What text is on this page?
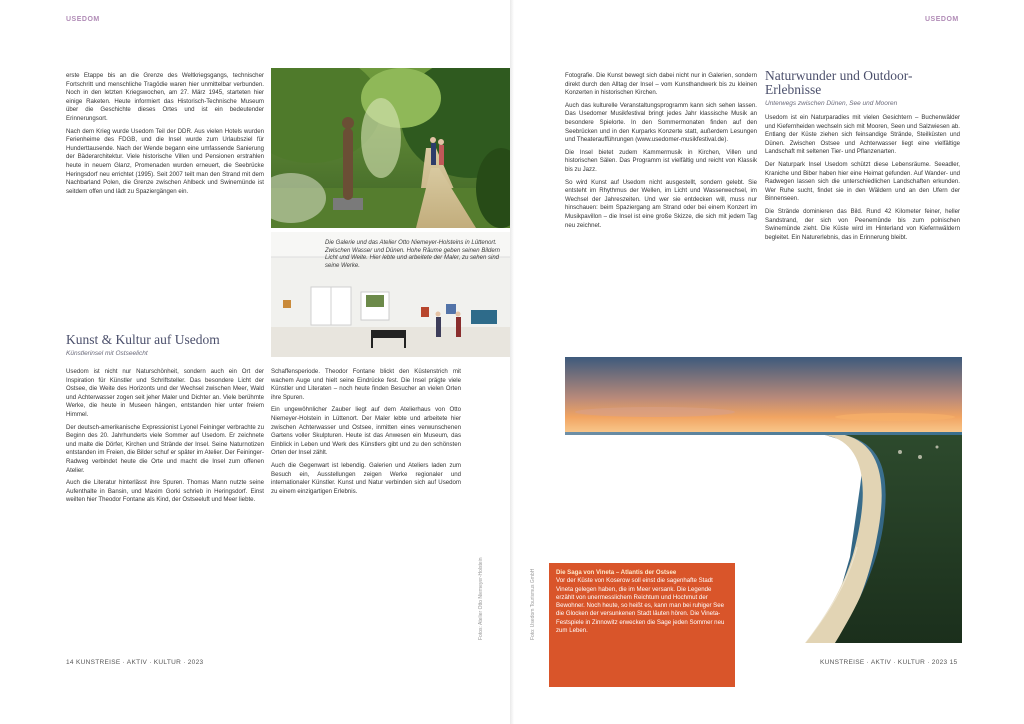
USEDOM	USEDOM

erste Etappe bis an die Grenze des Weltkriegsgangs, technischer Fortschritt und menschliche Tragödie waren hier unmittelbar verbunden. Noch in den letzten Kriegswochen, am 27. März 1945, starteten hier einige Raketen. Heute informiert das Historisch-Technische Museum über die Geschichte dieses Ortes und ist ein bedeutender Erinnerungsort.

Nach dem Krieg wurde Usedom Teil der DDR. Aus vielen Hotels wurden Ferienheime des FDGB, und die Insel wurde zum Urlaubsziel für Hunderttausende. Nach der Wende begann eine umfassende Sanierung der Bäderarchitektur. Viele historische Villen und Pensionen erstrahlen heute in neuem Glanz, Promenaden wurden erneuert, die Seebrücke Heringsdorf neu errichtet (1995). Seit 2007 teilt man den Strand mit dem Nachbarland Polen, die Grenze zwischen Ahlbeck und Swinemünde ist seitdem offen und lädt zu Spaziergängen ein.

Kunst & Kultur auf Usedom
Künstlerinsel mit Ostseelicht

Usedom ist nicht nur Naturschönheit, sondern auch ein Ort der Inspiration für Künstler und Schriftsteller. Das besondere Licht der Ostsee, die Weite des Horizonts und der Wechsel zwischen Meer, Wald und Achterwasser zogen seit jeher Maler und Dichter an. Viele berühmte Werke, die heute in Museen hängen, entstanden hier unter freiem Himmel.

Der deutsch-amerikanische Expressionist Lyonel Feininger verbrachte zu Beginn des 20. Jahrhunderts viele Sommer auf Usedom. Er zeichnete und malte die Dörfer, Kirchen und Strände der Insel. Seine Naturnotizen entstanden im Freien, die Bilder schuf er später im Atelier. Der Feininger-Radweg verbindet heute die Orte und macht die Insel zum offenen Atelier.

Auch die Literatur hinterlässt ihre Spuren. Thomas Mann nutzte seine Aufenthalte in Bansin, und Maxim Gorki schrieb in Heringsdorf. Einst weilten hier Theodor Fontane als Kind, der Ostseeluft und Meer liebte.

Die Galerie und das Atelier Otto Niemeyer-Holsteins in Lüttenort. Zwischen Wasser und Dünen. Hohe Räume geben seinen Bildern Licht und Weite. Hier lebte und arbeitete der Maler, zu sehen sind seine Werke.

Schaffensperiode. Theodor Fontane blickt den Küstenstrich mit wachem Auge und hielt seine Eindrücke fest. Die Insel prägte viele Künstler und Literaten – noch heute finden Besucher an vielen Orten ihre Spuren.

Ein ungewöhnlicher Zauber liegt auf dem Atelierhaus von Otto Niemeyer-Holstein in Lüttenort. Der Maler lebte und arbeitete hier zwischen Achterwasser und Ostsee, inmitten eines verwunschenen Gartens voller Skulpturen. Heute ist das Anwesen ein Museum, das Einblick in Leben und Werk des Künstlers gibt und zu den schönsten Orten der Insel zählt.

Auch die Gegenwart ist lebendig. Galerien und Ateliers laden zum Besuch ein, Ausstellungen zeigen Werke regionaler und internationaler Künstler. Kunst und Natur verbinden sich auf Usedom zu einem einzigartigen Erlebnis.

Fotos: Atelier Otto Niemeyer-Holstein
14 KUNSTREISE · AKTIV · KULTUR · 2023
Foto: Usedom Tourismus GmbH

Fotografie. Die Kunst bewegt sich dabei nicht nur in Galerien, sondern direkt durch den Alltag der Insel – vom Kunsthandwerk bis zu kleinen Konzerten in historischen Kirchen.

Auch das kulturelle Veranstaltungsprogramm kann sich sehen lassen. Das Usedomer Musikfestival bringt jedes Jahr klassische Musik an besondere Spielorte. In den Sommermonaten finden auf den Seebrücken und in den Kurparks Konzerte statt, außerdem Lesungen und Theateraufführungen (www.usedomer-musikfestival.de).

Die Insel bietet zudem Kammermusik in Kirchen, Villen und historischen Sälen. Das Programm ist vielfältig und reicht von Klassik bis zu Jazz.

So wird Kunst auf Usedom nicht ausgestellt, sondern gelebt. Sie entsteht im Rhythmus der Wellen, im Licht und Wasserwechsel, im Wechsel der Jahreszeiten. Und wer sie entdecken will, muss nur hinschauen: beim Spaziergang am Strand oder bei einem Konzert im Musikpavillon – die Insel ist eine große Skizze, die sich mit jedem Tag neu zeichnet.

Naturwunder und Outdoor-Erlebnisse
Unterwegs zwischen Dünen, See und Mooren

Usedom ist ein Naturparadies mit vielen Gesichtern – Buchenwälder und Kiefernheiden wechseln sich mit Mooren, Seen und Salzwiesen ab. Entlang der Küste ziehen sich feinsandige Strände, Steilküsten und Dünen. Zwischen Ostsee und Achterwasser liegt eine vielfältige Landschaft mit seltenen Tier- und Pflanzenarten.

Der Naturpark Insel Usedom schützt diese Lebensräume. Seeadler, Kraniche und Biber haben hier eine Heimat gefunden. Auf Wander- und Radwegen lassen sich die unterschiedlichen Landschaften erkunden. Wer Ruhe sucht, findet sie in den Wäldern und an den Ufern der Binnenseen.

Die Strände dominieren das Bild. Rund 42 Kilometer feiner, heller Sandstrand, der sich von Peenemünde bis zum polnischen Swinemünde zieht. Die Küste wird im Hinterland von Kiefernwäldern begleitet. Ein Naturerlebnis, das in Erinnerung bleibt.

Die Saga von Vineta – Atlantis der Ostsee
Vor der Küste von Koserow soll einst die sagenhafte Stadt Vineta gelegen haben, die im Meer versank. Die Legende erzählt von unermesslichem Reichtum und Hochmut der Bewohner. Noch heute, so heißt es, kann man bei ruhiger See die Glocken der versunkenen Stadt läuten hören. Die Vineta-Festspiele in Zinnowitz erwecken die Sage jeden Sommer neu zum Leben.
KUNSTREISE · AKTIV · KULTUR · 2023 15
